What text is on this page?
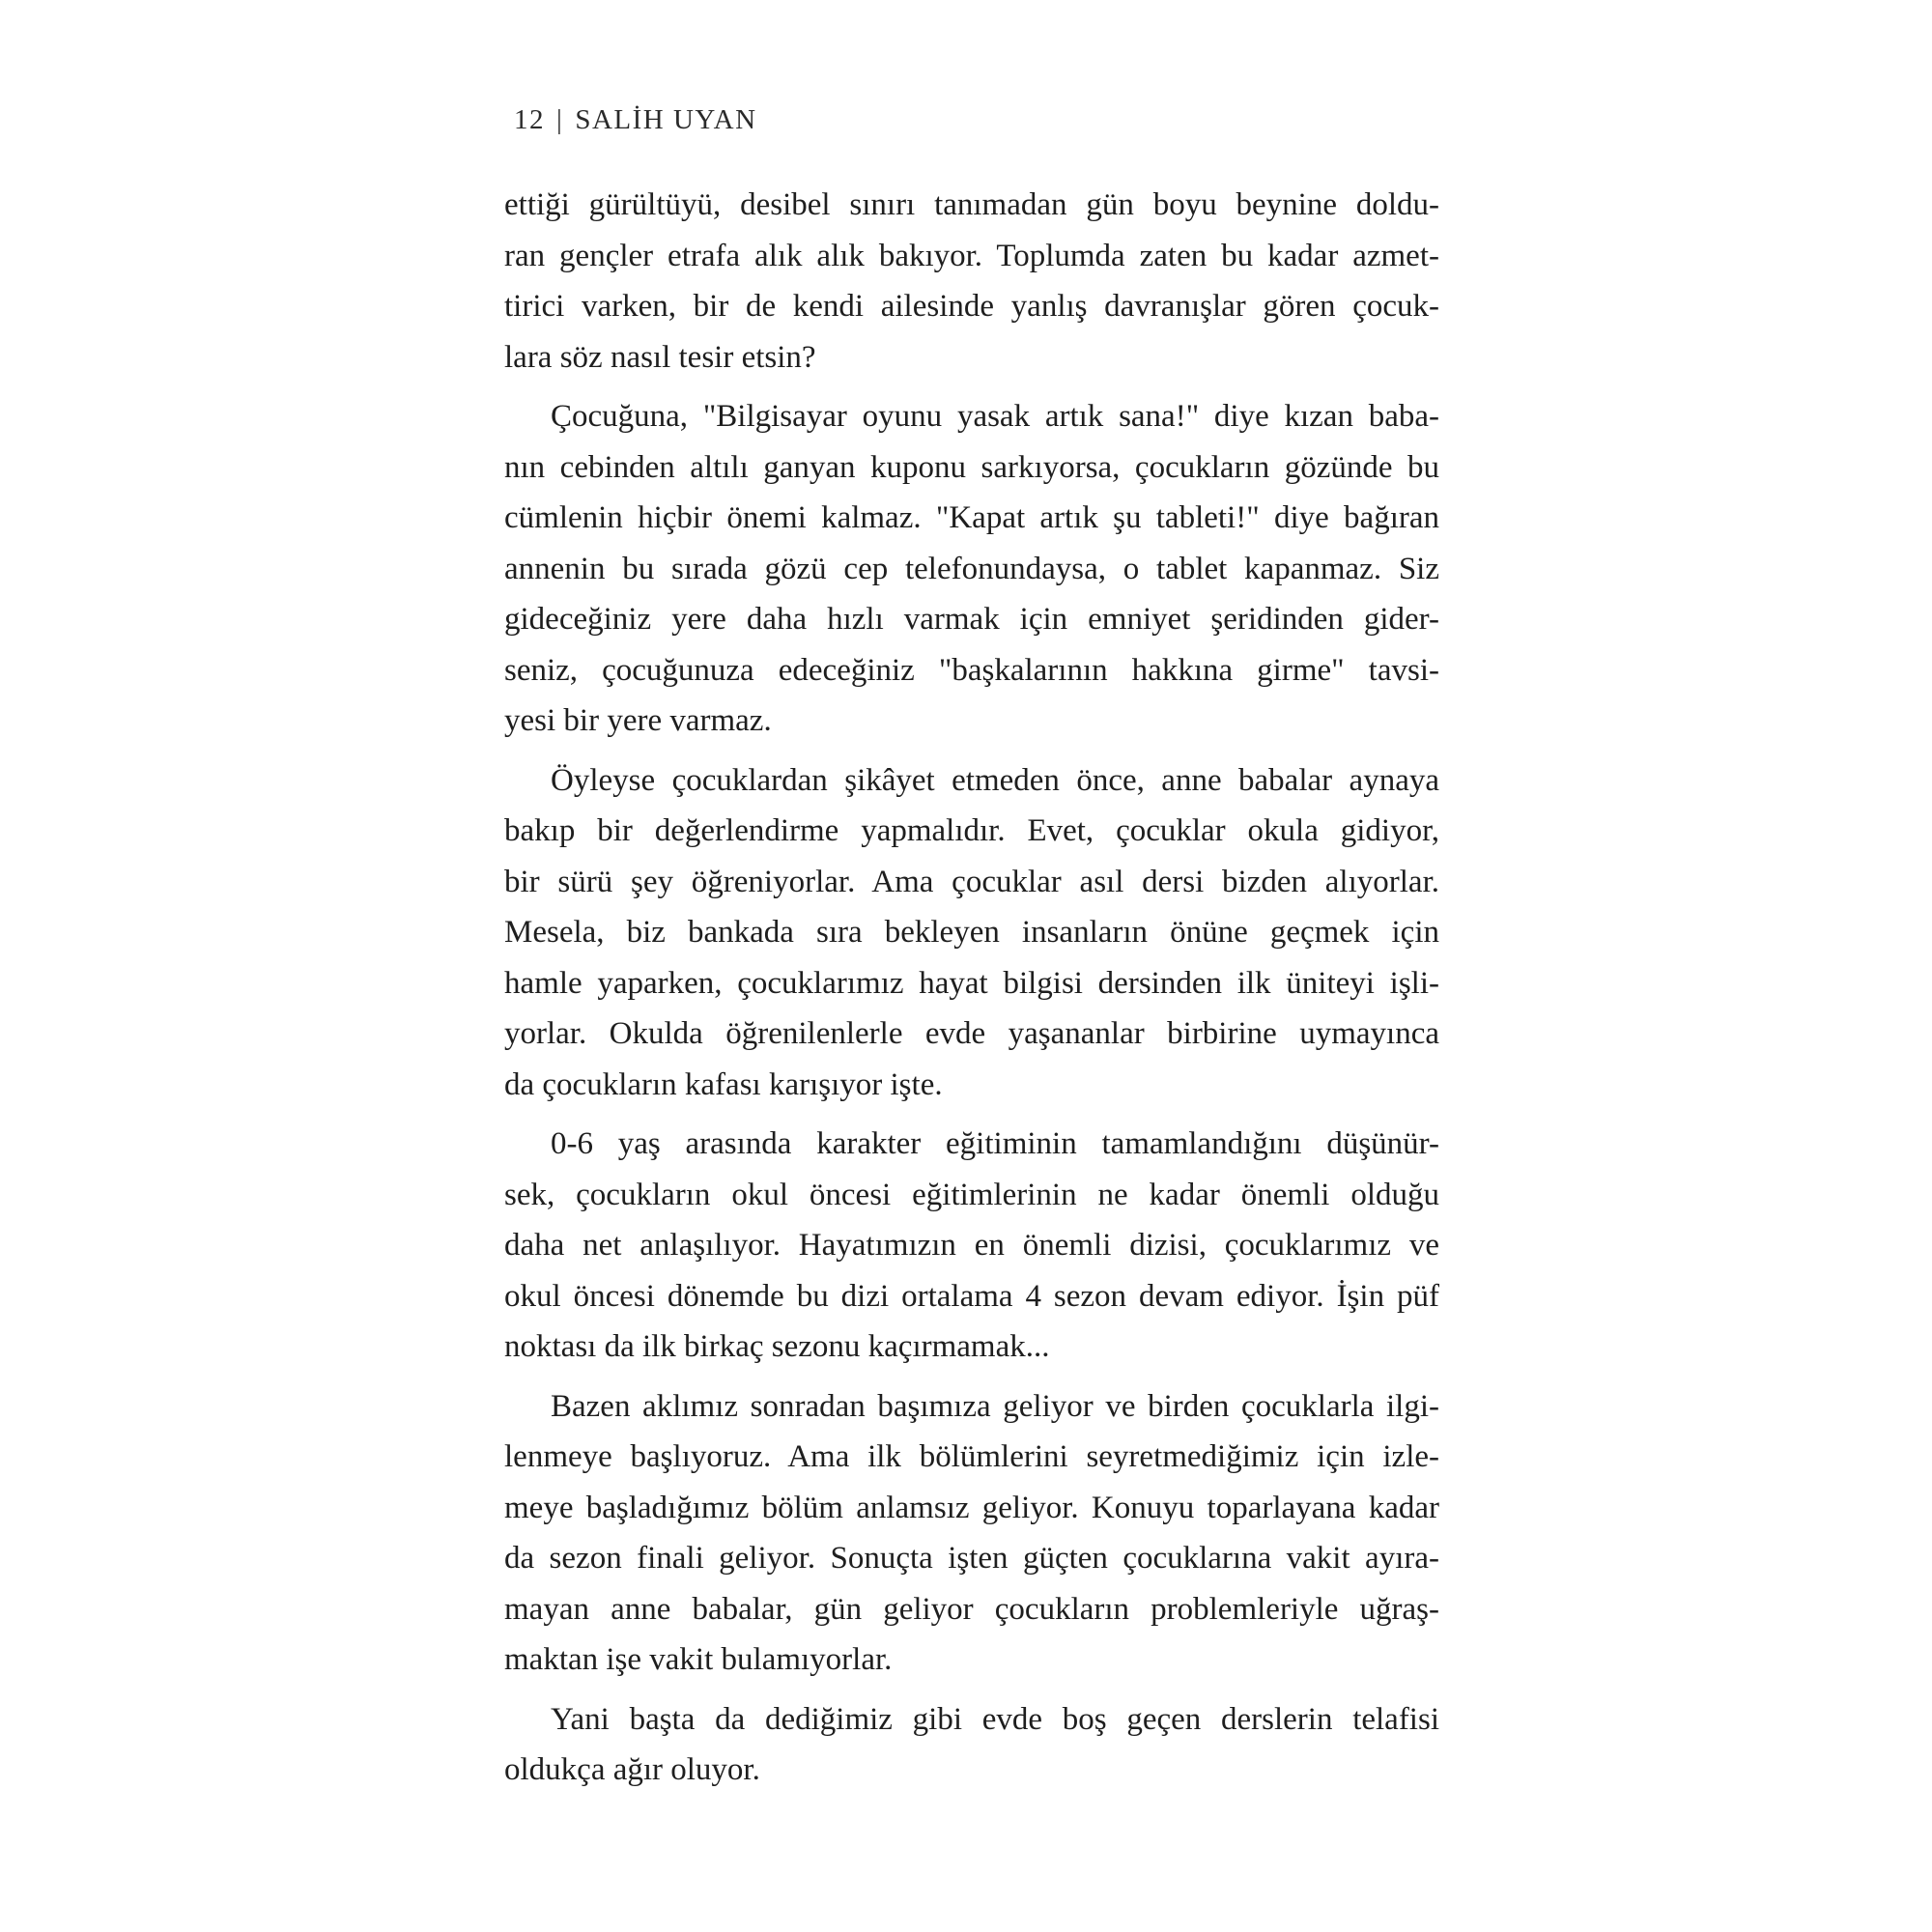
12 | SALİH UYAN
ettiği gürültüyü, desibel sınırı tanımadan gün boyu beynine doldu-
ran gençler etrafa alık alık bakıyor. Toplumda zaten bu kadar azmet-
tirici varken, bir de kendi ailesinde yanlış davranışlar gören çocuk-
lara söz nasıl tesir etsin?
Çocuğuna, "Bilgisayar oyunu yasak artık sana!" diye kızan baba-
nın cebinden altılı ganyan kuponu sarkıyorsa, çocukların gözünde bu
cümlenin hiçbir önemi kalmaz. "Kapat artık şu tableti!" diye bağıran
annenin bu sırada gözü cep telefonundaysa, o tablet kapanmaz. Siz
gideceğiniz yere daha hızlı varmak için emniyet şeridinden gider-
seniz, çocuğunuza edeceğiniz "başkalarının hakkına girme" tavsi-
yesi bir yere varmaz.
Öyleyse çocuklardan şikâyet etmeden önce, anne babalar aynaya
bakıp bir değerlendirme yapmalıdır. Evet, çocuklar okula gidiyor,
bir sürü şey öğreniyorlar. Ama çocuklar asıl dersi bizden alıyorlar.
Mesela, biz bankada sıra bekleyen insanların önüne geçmek için
hamle yaparken, çocuklarımız hayat bilgisi dersinden ilk üniteyi işli-
yorlar. Okulda öğrenilenlerle evde yaşananlar birbirine uymayınca
da çocukların kafası karışıyor işte.
0-6 yaş arasında karakter eğitiminin tamamlandığını düşünür-
sek, çocukların okul öncesi eğitimlerinin ne kadar önemli olduğu
daha net anlaşılıyor. Hayatımızın en önemli dizisi, çocuklarımız ve
okul öncesi dönemde bu dizi ortalama 4 sezon devam ediyor. İşin püf
noktası da ilk birkaç sezonu kaçırmamak...
Bazen aklımız sonradan başımıza geliyor ve birden çocuklarla ilgi-
lenmeye başlıyoruz. Ama ilk bölümlerini seyretmediğimiz için izle-
meye başladığımız bölüm anlamsız geliyor. Konuyu toparlayana kadar
da sezon finali geliyor. Sonuçta işten güçten çocuklarına vakit ayıra-
mayan anne babalar, gün geliyor çocukların problemleriyle uğraş-
maktan işe vakit bulamıyorlar.
Yani başta da dediğimiz gibi evde boş geçen derslerin telafisi
oldukça ağır oluyor.
